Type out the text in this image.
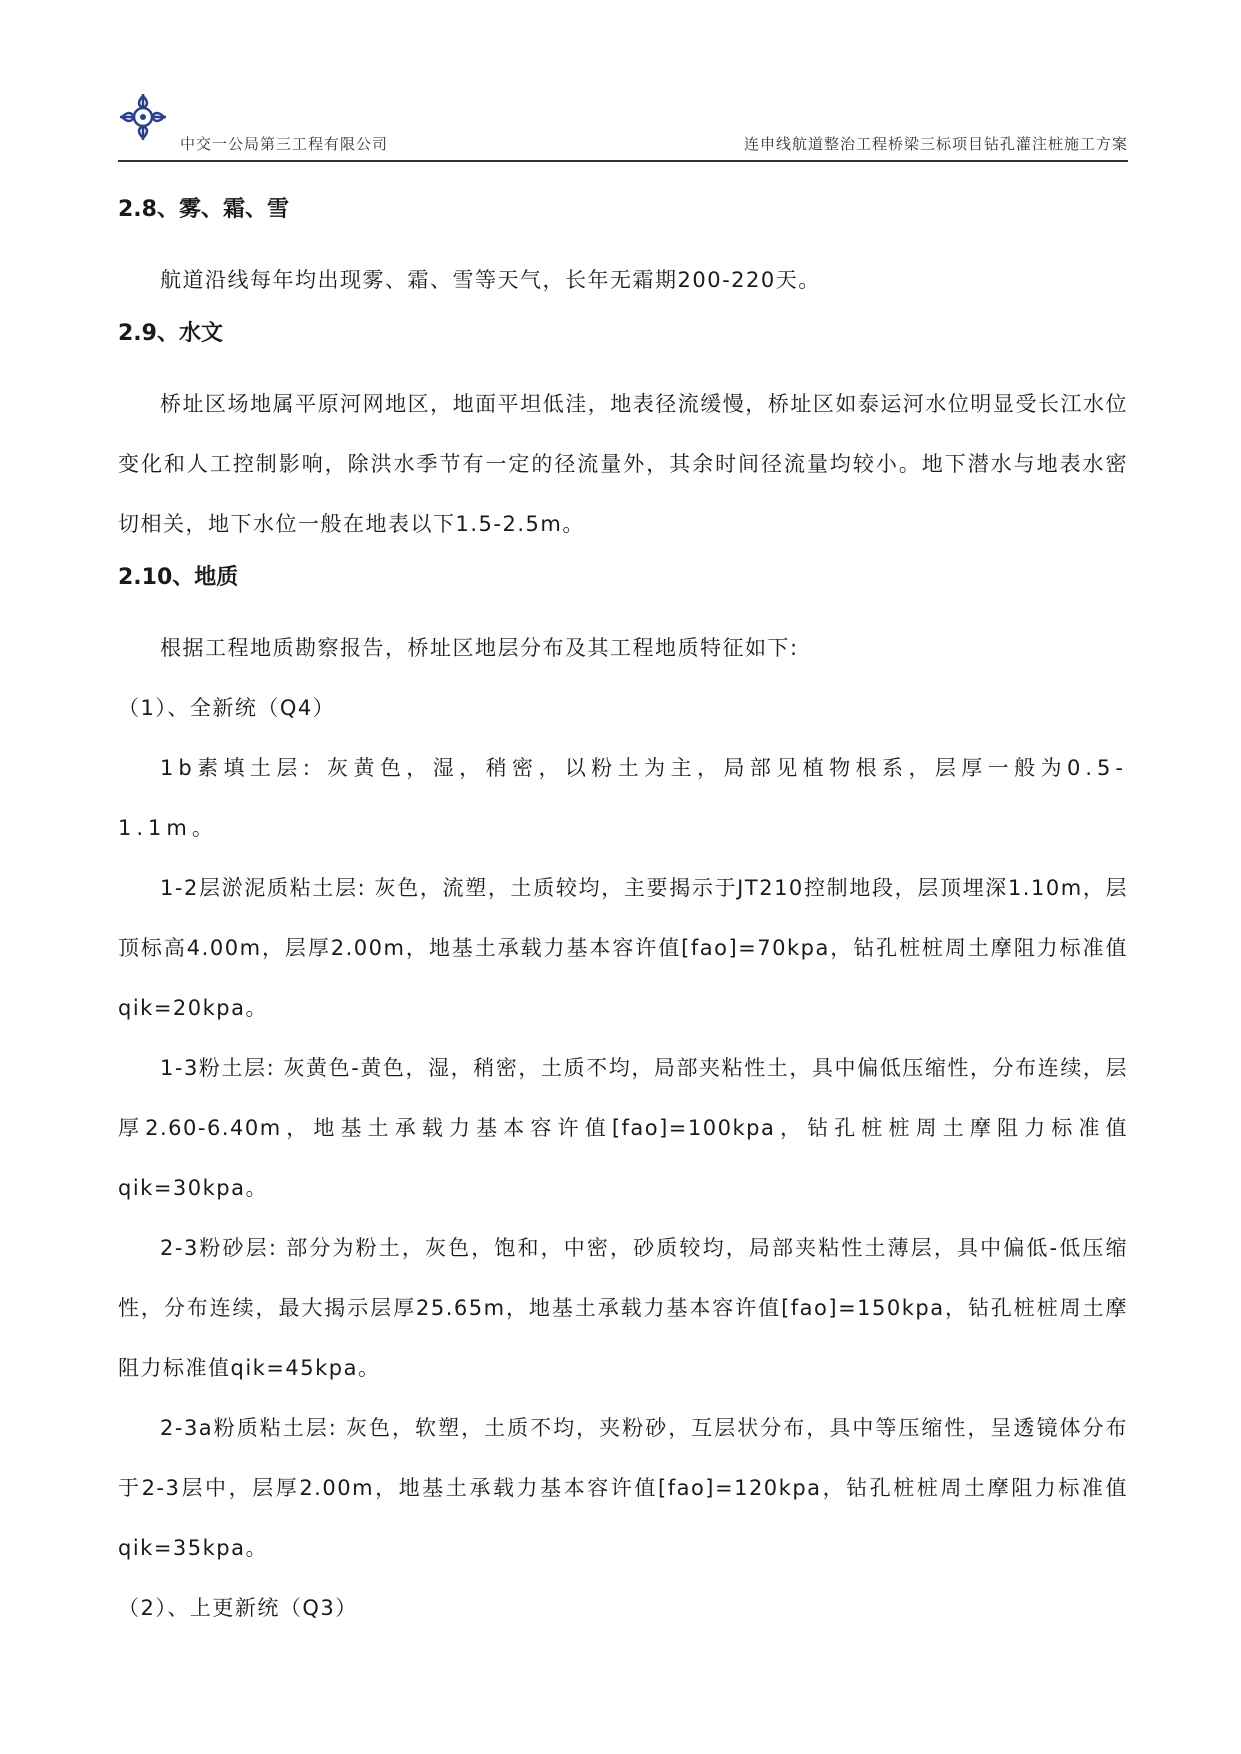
中交一公局第三工程有限公司	连申线航道整治工程桥梁三标项目钻孔灌注桩施工方案
2.8、雾、霜、雪

航道沿线每年均出现雾、霜、雪等天气，长年无霜期200-220天。

2.9、水文

桥址区场地属平原河网地区，地面平坦低洼，地表径流缓慢，桥址区如泰运河水位明显受长江水位变化和人工控制影响，除洪水季节有一定的径流量外，其余时间径流量均较小。地下潜水与地表水密切相关，地下水位一般在地表以下1.5-2.5m。

2.10、地质

根据工程地质勘察报告，桥址区地层分布及其工程地质特征如下:

（1）、全新统（Q4）

1b素填土层: 灰黄色，湿，稍密，以粉土为主，局部见植物根系，层厚一般为0.5-1.1m。

1-2层淤泥质粘土层: 灰色，流塑，土质较均，主要揭示于JT210控制地段，层顶埋深1.10m，层顶标高4.00m，层厚2.00m，地基土承载力基本容许值[fao]=70kpa，钻孔桩桩周土摩阻力标准值qik=20kpa。

1-3粉土层: 灰黄色-黄色，湿，稍密，土质不均，局部夹粘性土，具中偏低压缩性，分布连续，层厚2.60-6.40m，地基土承载力基本容许值[fao]=100kpa，钻孔桩桩周土摩阻力标准值qik=30kpa。

2-3粉砂层: 部分为粉土，灰色，饱和，中密，砂质较均，局部夹粘性土薄层，具中偏低-低压缩性，分布连续，最大揭示层厚25.65m，地基土承载力基本容许值[fao]=150kpa，钻孔桩桩周土摩阻力标准值qik=45kpa。

2-3a粉质粘土层: 灰色，软塑，土质不均，夹粉砂，互层状分布，具中等压缩性，呈透镜体分布于2-3层中，层厚2.00m，地基土承载力基本容许值[fao]=120kpa，钻孔桩桩周土摩阻力标准值qik=35kpa。

（2）、上更新统（Q3）
